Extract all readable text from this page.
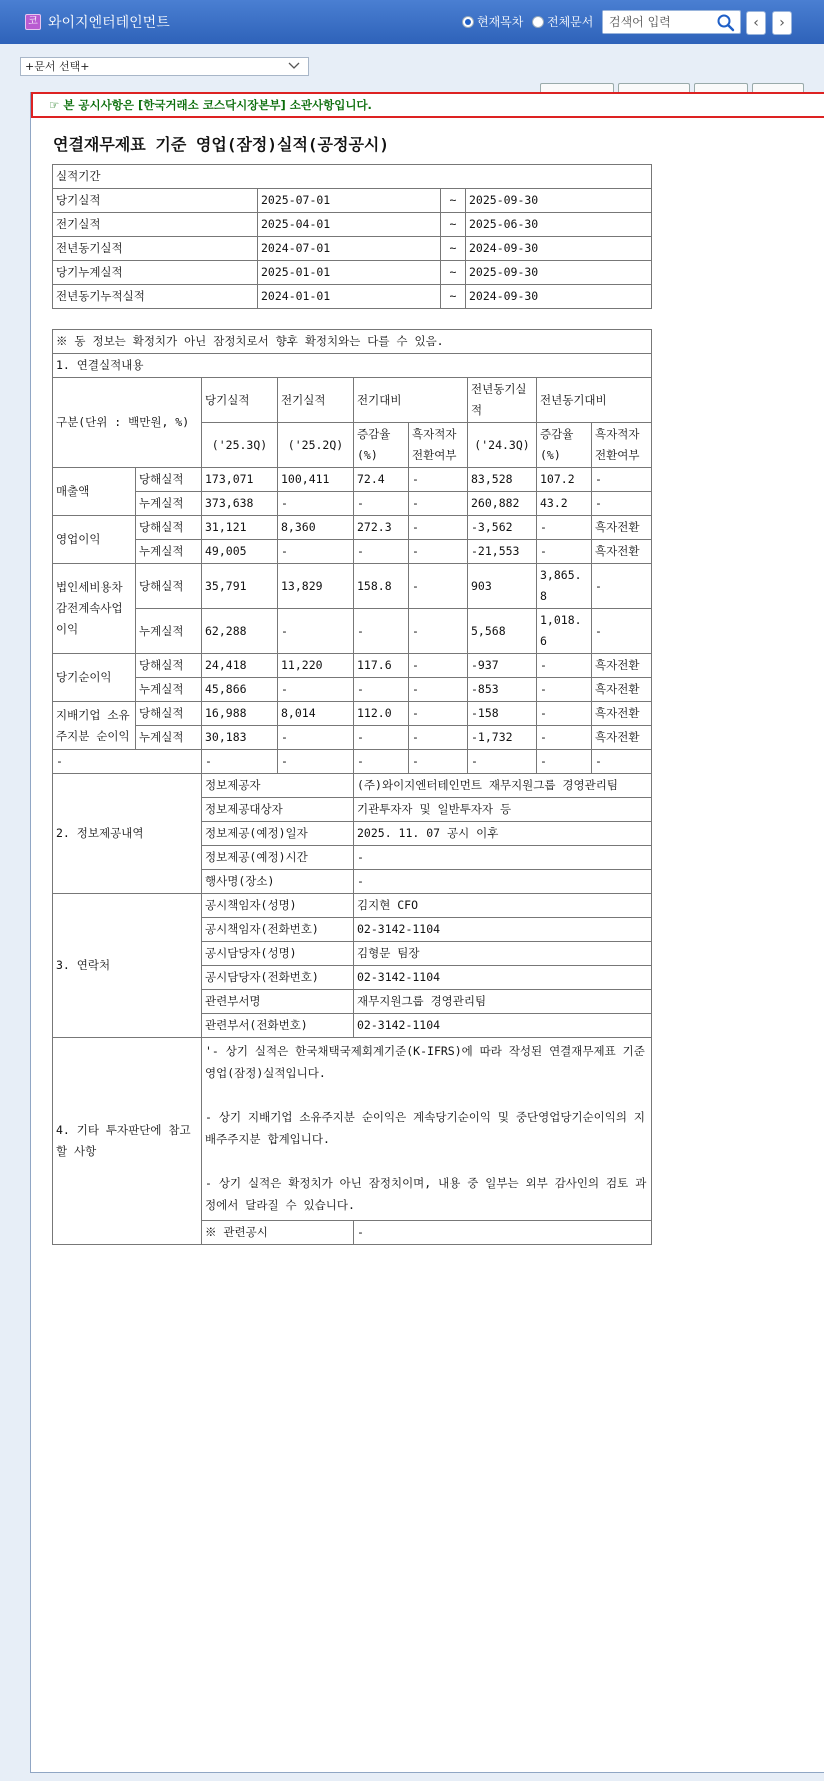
코 와이지엔터테인먼트	현재목차 전체문서
검색어 입력	‹	›
+문서 선택+
☞ 본 공시사항은 [한국거래소 코스닥시장본부] 소관사항입니다.
연결재무제표 기준 영업(잠정)실적(공정공시)
실적기간			
당기실적	2025-07-01	~	2025-09-30
전기실적	2025-04-01	~	2025-06-30
전년동기실적	2024-07-01	~	2024-09-30
당기누계실적	2025-01-01	~	2025-09-30
전년동기누적실적	2024-01-01	~	2024-09-30
※ 동 정보는 확정치가 아닌 잠정치로서 향후 확정치와는 다를 수 있음.								
1. 연결실적내용								
구분(단위 : 백만원, %)		당기실적	전기실적	전기대비		전년동기실적	전년동기대비	
		('25.3Q)	('25.2Q)	증감율(%)	흑자적자전환여부	('24.3Q)	증감율(%)	흑자적자전환여부
매출액	당해실적	173,071	100,411	72.4	-	83,528	107.2	-
	누계실적	373,638	-	-	-	260,882	43.2	-
영업이익	당해실적	31,121	8,360	272.3	-	-3,562	-	흑자전환
	누계실적	49,005	-	-	-	-21,553	-	흑자전환
법인세비용차감전계속사업이익	당해실적	35,791	13,829	158.8	-	903	3,865.8	-
	누계실적	62,288	-	-	-	5,568	1,018.6	-
당기순이익	당해실적	24,418	11,220	117.6	-	-937	-	흑자전환
	누계실적	45,866	-	-	-	-853	-	흑자전환
지배기업 소유주지분 순이익	당해실적	16,988	8,014	112.0	-	-158	-	흑자전환
	누계실적	30,183	-	-	-	-1,732	-	흑자전환
-		-	-	-	-	-	-	-
2. 정보제공내역		정보제공자		(주)와이지엔터테인먼트 재무지원그룹 경영관리팀				
		정보제공대상자		기관투자자 및 일반투자자 등				
		정보제공(예정)일자		2025. 11. 07 공시 이후				
		정보제공(예정)시간		-				
		행사명(장소)		-				
3. 연락처		공시책임자(성명)		김지현 CFO				
		공시책임자(전화번호)		02-3142-1104				
		공시담당자(성명)		김형문 팀장				
		공시담당자(전화번호)		02-3142-1104				
		관련부서명		재무지원그룹 경영관리팀				
		관련부서(전화번호)		02-3142-1104				
4. 기타 투자판단에 참고할 사항		'- 상기 실적은 한국채택국제회계기준(K-IFRS)에 따라 작성된 연결재무제표 기준 영업(잠정)실적입니다.
- 상기 지배기업 소유주지분 순이익은 계속당기순이익 및 중단영업당기순이익의 지배주주지분 합계입니다.
- 상기 실적은 확정치가 아닌 잠정치이며, 내용 중 일부는 외부 감사인의 검토 과정에서 달라질 수 있습니다.						

		※ 관련공시		-				
